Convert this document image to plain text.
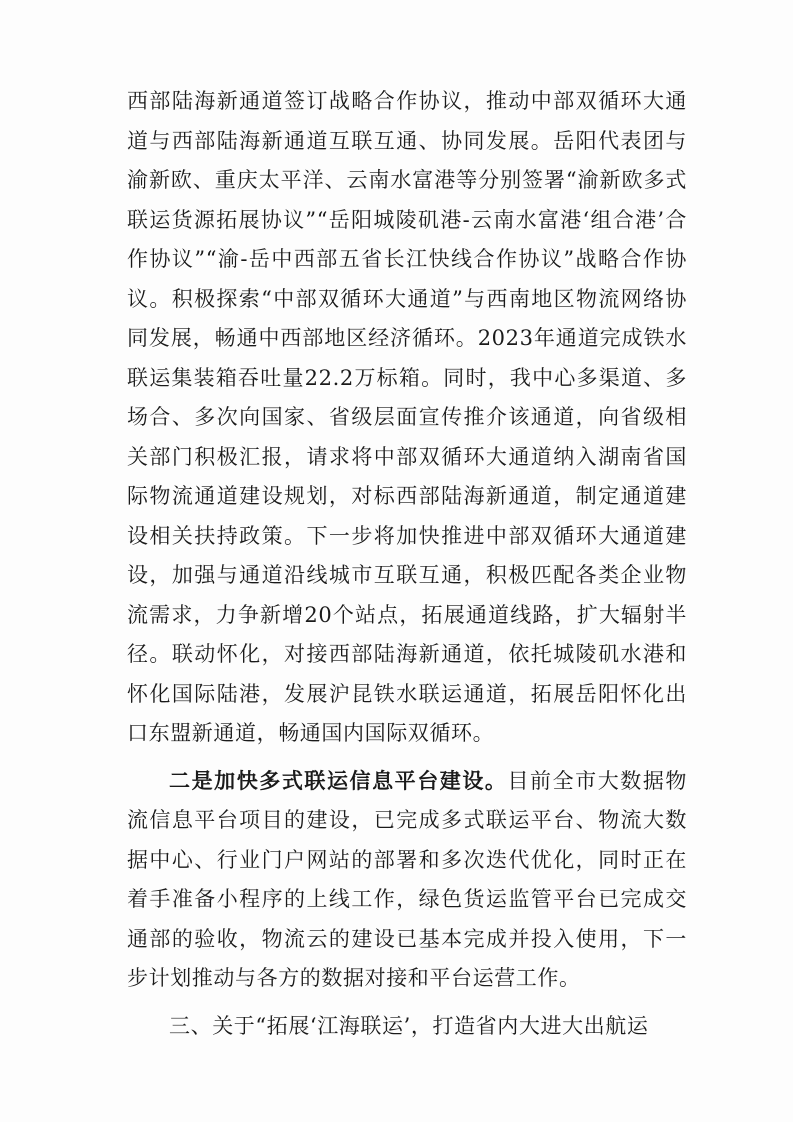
西部陆海新通道签订战略合作协议，推动中部双循环大通道与西部陆海新通道互联互通、协同发展。岳阳代表团与渝新欧、重庆太平洋、云南水富港等分别签署“渝新欧多式联运货源拓展协议”“岳阳城陵矶港-云南水富港‘组合港’合作协议”“渝-岳中西部五省长江快线合作协议”战略合作协议。积极探索“中部双循环大通道”与西南地区物流网络协同发展，畅通中西部地区经济循环。2023年通道完成铁水联运集装箱吞吐量22.2万标箱。同时，我中心多渠道、多场合、多次向国家、省级层面宣传推介该通道，向省级相关部门积极汇报，请求将中部双循环大通道纳入湖南省国际物流通道建设规划，对标西部陆海新通道，制定通道建设相关扶持政策。下一步将加快推进中部双循环大通道建设，加强与通道沿线城市互联互通，积极匹配各类企业物流需求，力争新增20个站点，拓展通道线路，扩大辐射半径。联动怀化，对接西部陆海新通道，依托城陵矶水港和怀化国际陆港，发展沪昆铁水联运通道，拓展岳阳怀化出口东盟新通道，畅通国内国际双循环。

二是加快多式联运信息平台建设。目前全市大数据物流信息平台项目的建设，已完成多式联运平台、物流大数据中心、行业门户网站的部署和多次迭代优化，同时正在着手准备小程序的上线工作，绿色货运监管平台已完成交通部的验收，物流云的建设已基本完成并投入使用，下一步计划推动与各方的数据对接和平台运营工作。

三、关于“拓展‘江海联运’，打造省内大进大出航运
